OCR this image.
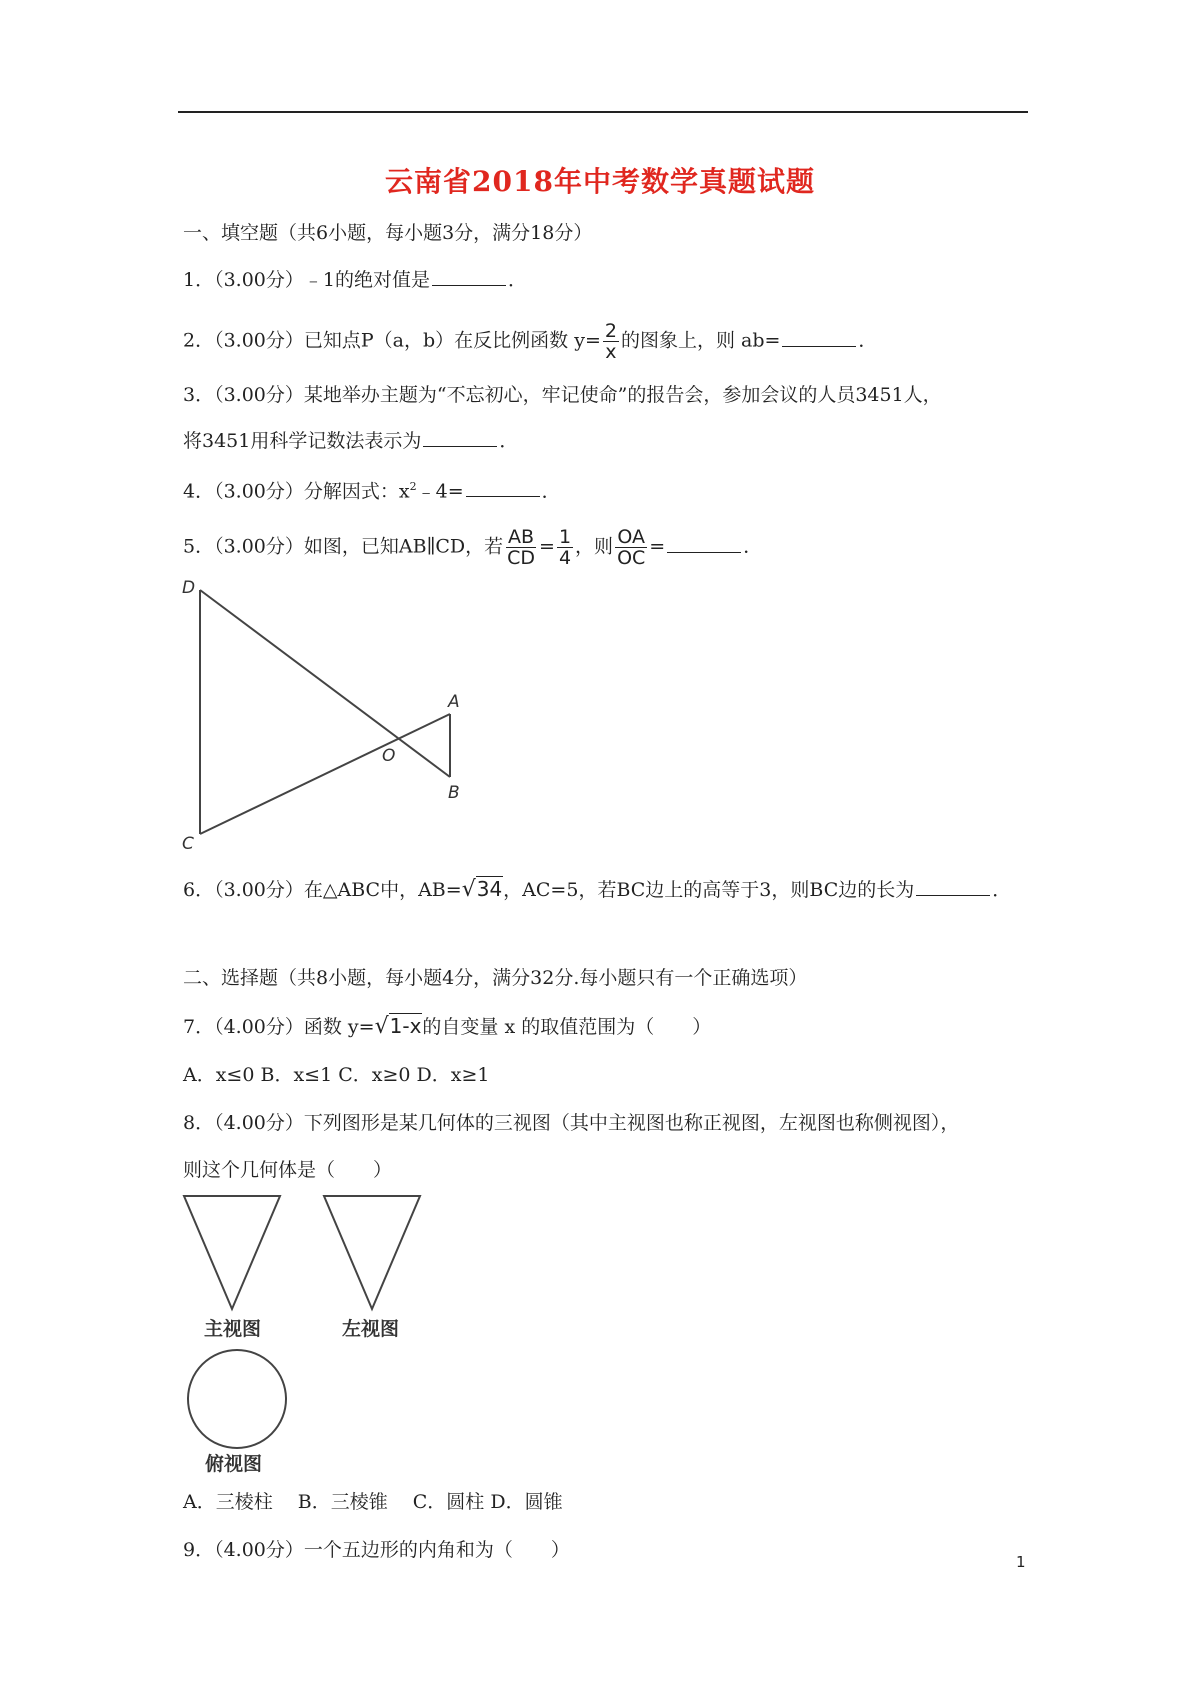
云南省2018年中考数学真题试题
一、填空题（共6小题，每小题3分，满分18分）
1．（3.00分）﹣1的绝对值是	．
2．（3.00分）已知点P（a，b）在反比例函数 $y= \frac{2}{x}$ 的图象上，则 ab=	．
3．（3.00分）某地举办主题为“不忘初心，牢记使命”的报告会，参加会议的人员3451人，
将3451用科学记数法表示为	．
4．（3.00分）分解因式：$x^2﹣4=$	．
5．（3.00分）如图，已知AB∥CD，若 $\frac{AB}{CD} = \frac{1}{4}$ ，则 $\frac{OA}{OC}$ =	．
D
A
O
B
C
6．（3.00分）在△ABC中，AB=√34，AC=5，若BC边上的高等于3，则BC边的长为	．
二、选择题（共8小题，每小题4分，满分32分.每小题只有一个正确选项）
7．（4.00分）函数 y=√1-x的自变量 x 的取值范围为（　　）
A．x≤0 B．x≤1 C．x≥0 D．x≥1
8．（4.00分）下列图形是某几何体的三视图（其中主视图也称正视图，左视图也称侧视图），
则这个几何体是（　　）
主视图	左视图
俯视图
A．三棱柱　 B．三棱锥　 C．圆柱 D．圆锥
9．（4.00分）一个五边形的内角和为（　　）
1
